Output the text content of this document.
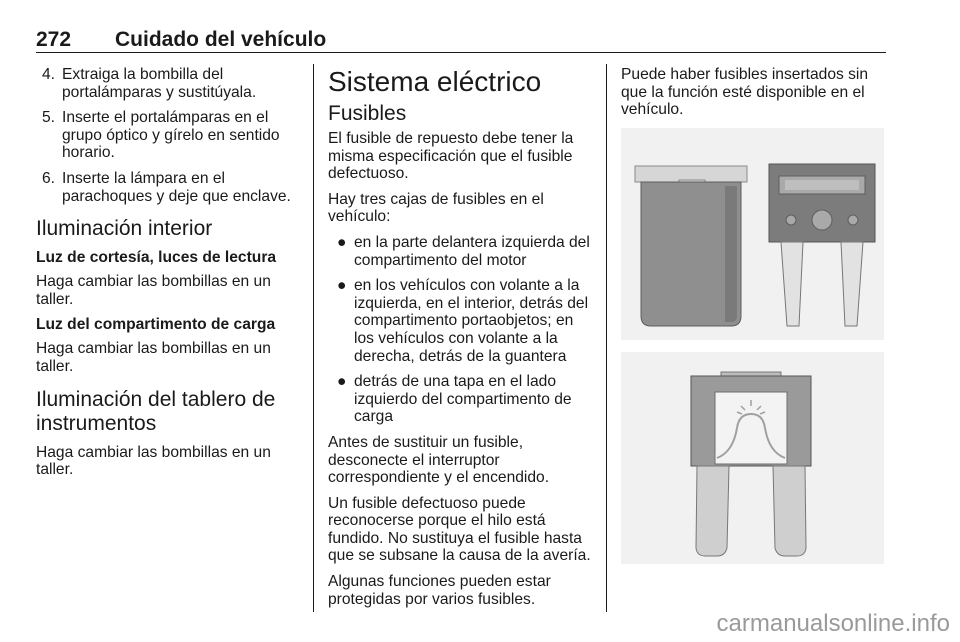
272 Cuidado del vehículo
4. Extraiga la bombilla del portalámparas y sustitúyala.
5. Inserte el portalámparas en el grupo óptico y gírelo en sentido horario.
6. Inserte la lámpara en el parachoques y deje que enclave.
Iluminación interior
Luz de cortesía, luces de lectura

Haga cambiar las bombillas en un taller.

Luz del compartimento de carga

Haga cambiar las bombillas en un taller.

Iluminación del tablero de instrumentos

Haga cambiar las bombillas en un taller.

Sistema eléctrico
Fusibles

El fusible de repuesto debe tener la misma especificación que el fusible defectuoso.

Hay tres cajas de fusibles en el vehículo:

● en la parte delantera izquierda del compartimento del motor
● en los vehículos con volante a la izquierda, en el interior, detrás del compartimento portaobjetos; en los vehículos con volante a la derecha, detrás de la guantera
● detrás de una tapa en el lado izquierdo del compartimento de carga

Antes de sustituir un fusible, desconecte el interruptor correspondiente y el encendido.

Un fusible defectuoso puede reconocerse porque el hilo está fundido. No sustituya el fusible hasta que se subsane la causa de la avería.

Algunas funciones pueden estar protegidas por varios fusibles.

Puede haber fusibles insertados sin que la función esté disponible en el vehículo.

carmanualsonline.info
